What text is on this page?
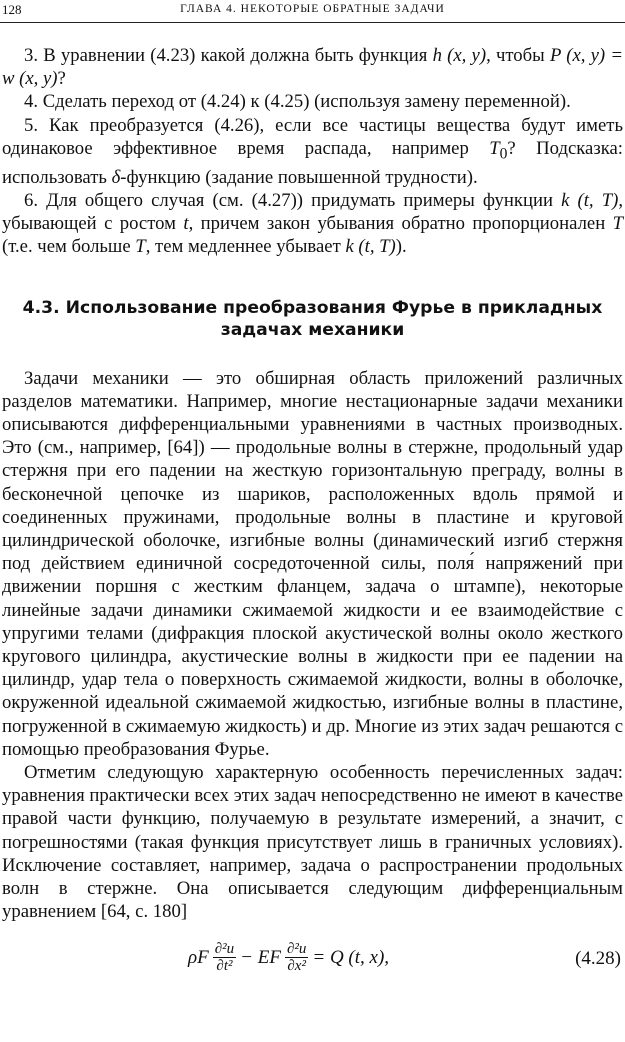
128	ГЛАВА 4. НЕКОТОРЫЕ ОБРАТНЫЕ ЗАДАЧИ

3. В уравнении (4.23) какой должна быть функция h (x, y), чтобы P (x, y) = w (x, y)?

4. Сделать переход от (4.24) к (4.25) (используя замену переменной).

5. Как преобразуется (4.26), если все частицы вещества будут иметь одинаковое эффективное время распада, например $T_0$? Подсказка: использовать δ-функцию (задание повышенной трудности).

6. Для общего случая (см. (4.27)) придумать примеры функции k (t, T), убывающей с ростом t, причем закон убывания обратно пропорционален T (т.е. чем больше T, тем медленнее убывает k (t, T)).

4.3. Использование преобразования Фурье в прикладных
задачах механики

Задачи механики — это обширная область приложений различных разделов математики. Например, многие нестационарные задачи механики описываются дифференциальными уравнениями в частных производных. Это (см., например, [64]) — продольные волны в стержне, продольный удар стержня при его падении на жесткую горизонтальную преграду, волны в бесконечной цепочке из шариков, расположенных вдоль прямой и соединенных пружинами, продольные волны в пластине и круговой цилиндрической оболочке, изгибные волны (динамический изгиб стержня под действием единичной сосредоточенной силы, поля́ напряжений при движении поршня с жестким фланцем, задача о штампе), некоторые линейные задачи динамики сжимаемой жидкости и ее взаимодействие с упругими телами (дифракция плоской акустической волны около жесткого кругового цилиндра, акустические волны в жидкости при ее падении на цилиндр, удар тела о поверхность сжимаемой жидкости, волны в оболочке, окруженной идеальной сжимаемой жидкостью, изгибные волны в пластине, погруженной в сжимаемую жидкость) и др. Многие из этих задач решаются с помощью преобразования Фурье.

Отметим следующую характерную особенность перечисленных задач: уравнения практически всех этих задач непосредственно не имеют в качестве правой части функцию, получаемую в результате измерений, а значит, с погрешностями (такая функция присутствует лишь в граничных условиях). Исключение составляет, например, задача о распространении продольных волн в стержне. Она описывается следующим дифференциальным уравнением [64, с. 180]

ρF $\frac{\text{∂²u}}{\text{∂t²}}$ − EF $\frac{\text{∂²u}}{\text{∂x²}} = Q$ (t, x),	(4.28)
